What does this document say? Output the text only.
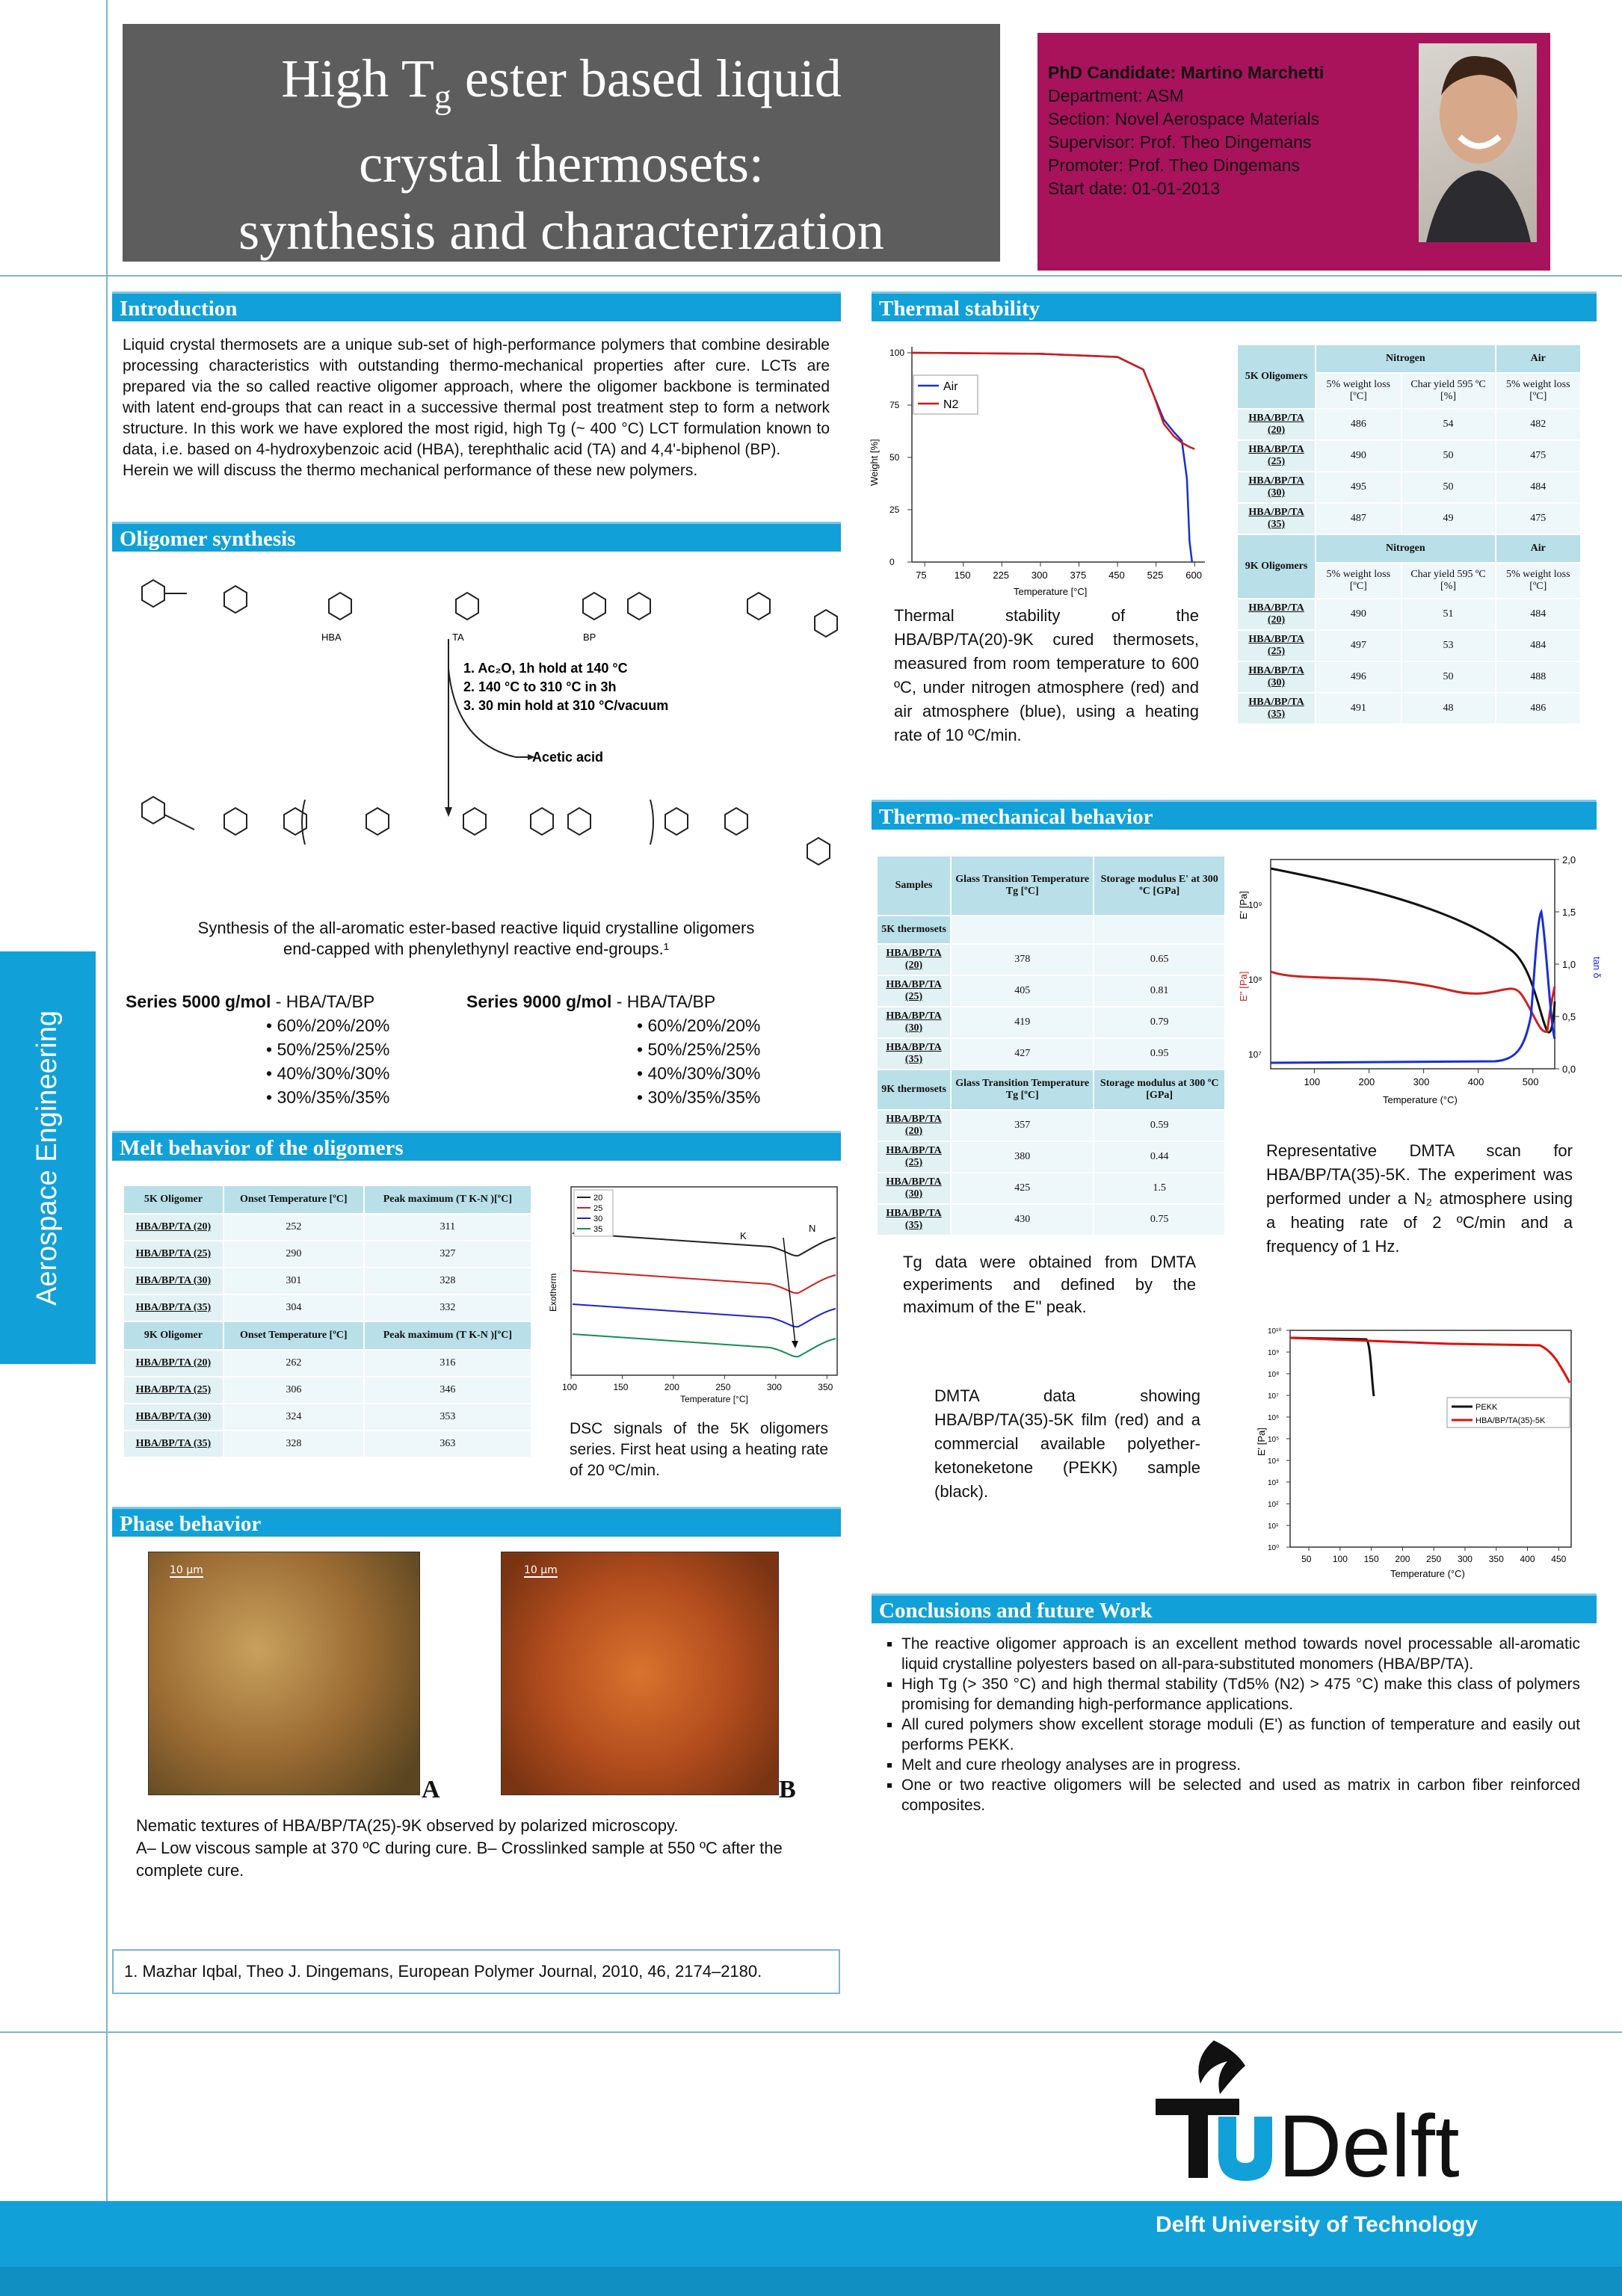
Aerospace Engineering
High $T_g$ ester based liquid
crystal thermosets:
synthesis and characterization
PhD Candidate: Martino Marchetti
Department: ASM
Section: Novel Aerospace Materials
Supervisor: Prof. Theo Dingemans
Promoter: Prof. Theo Dingemans
Start date: 01-01-2013
Introduction

Liquid crystal thermosets are a unique sub-set of high-performance polymers that combine desirable processing characteristics with outstanding thermo-mechanical properties after cure. LCTs are prepared via the so called reactive oligomer approach, where the oligomer backbone is terminated with latent end-groups that can react in a successive thermal post treatment step to form a network structure. In this work we have explored the most rigid, high Tg (~ 400 °C) LCT formulation known to data, i.e. based on 4-hydroxybenzoic acid (HBA), terephthalic acid (TA) and 4,4'-biphenol (BP).

Herein we will discuss the thermo mechanical performance of these new polymers.

Oligomer synthesis
HBA	TA	BP
1. Ac₂O, 1h hold at 140 °C
2. 140 °C to 310 °C in 3h
3. 30 min hold at 310 °C/vacuum
Acetic acid
Synthesis of the all-aromatic ester-based reactive liquid crystalline oligomers
end-capped with phenylethynyl reactive end-groups.¹
Series 5000 g/mol - HBA/TA/BP
• 60%/20%/20%
• 50%/25%/25%
• 40%/30%/30%
• 30%/35%/35%
Series 9000 g/mol - HBA/TA/BP
• 60%/20%/20%
• 50%/25%/25%
• 40%/30%/30%
• 30%/35%/35%
Melt behavior of the oligomers
5K Oligomer	Onset Temperature [ºC]	Peak maximum (T K-N )[ºC]
HBA/BP/TA (20)	252	311
HBA/BP/TA (25)	290	327
HBA/BP/TA (30)	301	328
HBA/BP/TA (35)	304	332
9K Oligomer	Onset Temperature [ºC]	Peak maximum (T K-N )[ºC]
HBA/BP/TA (20)	262	316
HBA/BP/TA (25)	306	346
HBA/BP/TA (30)	324	353
HBA/BP/TA (35)	328	363
100	150	200	250	300	350
20
25
30
35
K
N
Temperature [°C]
Exotherm
DSC signals of the 5K oligomers series. First heat using a heating rate of 20 ºC/min.
Phase behavior
10 µm
A
10 µm
B
Nematic textures of HBA/BP/TA(25)-9K observed by polarized microscopy.
A– Low viscous sample at 370 ºC during cure. B– Crosslinked sample at 550 ºC after the complete cure.
1. Mazhar Iqbal, Theo J. Dingemans, European Polymer Journal, 2010, 46, 2174–2180.
Thermal stability
75	150 225 300 375 450 525 600
0
25
50
75
100
Air
N2
Temperature [°C]
Weight [%]
Thermal stability of the HBA/BP/TA(20)-9K cured thermosets, measured from room temperature to 600 ºC, under nitrogen atmosphere (red) and air atmosphere (blue), using a heating rate of 10 ºC/min.
5K Oligomers	Nitrogen		Air
	5% weight loss [ºC]	Char yield 595 ºC [%]	5% weight loss [ºC]
HBA/BP/TA (20)	486	54	482
HBA/BP/TA (25)	490	50	475
HBA/BP/TA (30)	495	50	484
HBA/BP/TA (35)	487	49	475
9K Oligomers	Nitrogen		Air
	5% weight loss [ºC]	Char yield 595 ºC [%]	5% weight loss [ºC]
HBA/BP/TA (20)	490	51	484
HBA/BP/TA (25)	497	53	484
HBA/BP/TA (30)	496	50	488
HBA/BP/TA (35)	491	48	486
Thermo-mechanical behavior
Samples	Glass Transition Temperature Tg [ºC]	Storage modulus E' at 300 ºC [GPa]
5K thermosets		
HBA/BP/TA (20)	378	0.65
HBA/BP/TA (25)	405	0.81
HBA/BP/TA (30)	419	0.79
HBA/BP/TA (35)	427	0.95
9K thermosets	Glass Transition Temperature Tg [ºC]	Storage modulus at 300 ºC [GPa]
HBA/BP/TA (20)	357	0.59
HBA/BP/TA (25)	380	0.44
HBA/BP/TA (30)	425	1.5
HBA/BP/TA (35)	430	0.75
Tg data were obtained from DMTA experiments and defined by the maximum of the E'' peak.
100	200	300	400	500
0,0
0,5
1,0
1,5
2,0
10⁷
10⁸
10⁹
Temperature (°C)
E' [Pa]
E'' [Pa]
tan δ
Representative DMTA scan for HBA/BP/TA(35)-5K. The experiment was performed under a N₂ atmosphere using a heating rate of 2 ºC/min and a frequency of 1 Hz.
50 100 150 200 250 300 350 400 450
10⁰
10¹
10²
10³
10⁴
10⁵
10⁶
10⁷
10⁸
10⁹
10¹⁰
PEKK
HBA/BP/TA(35)-5K
Temperature (°C)
E' [Pa]
DMTA data showing HBA/BP/TA(35)-5K film (red) and a commercial available polyether-ketoneketone (PEKK) sample (black).
Conclusions and future Work
▪ The reactive oligomer approach is an excellent method towards novel processable all-aromatic liquid crystalline polyesters based on all-para-substituted monomers (HBA/BP/TA).
▪ High Tg (> 350 °C) and high thermal stability (Td5% (N2) > 475 °C) make this class of polymers promising for demanding high-performance applications.
▪ All cured polymers show excellent storage moduli (E') as function of temperature and easily out performs PEKK.
▪ Melt and cure rheology analyses are in progress.
▪ One or two reactive oligomers will be selected and used as matrix in carbon fiber reinforced composites.
Delft
Delft University of Technology
